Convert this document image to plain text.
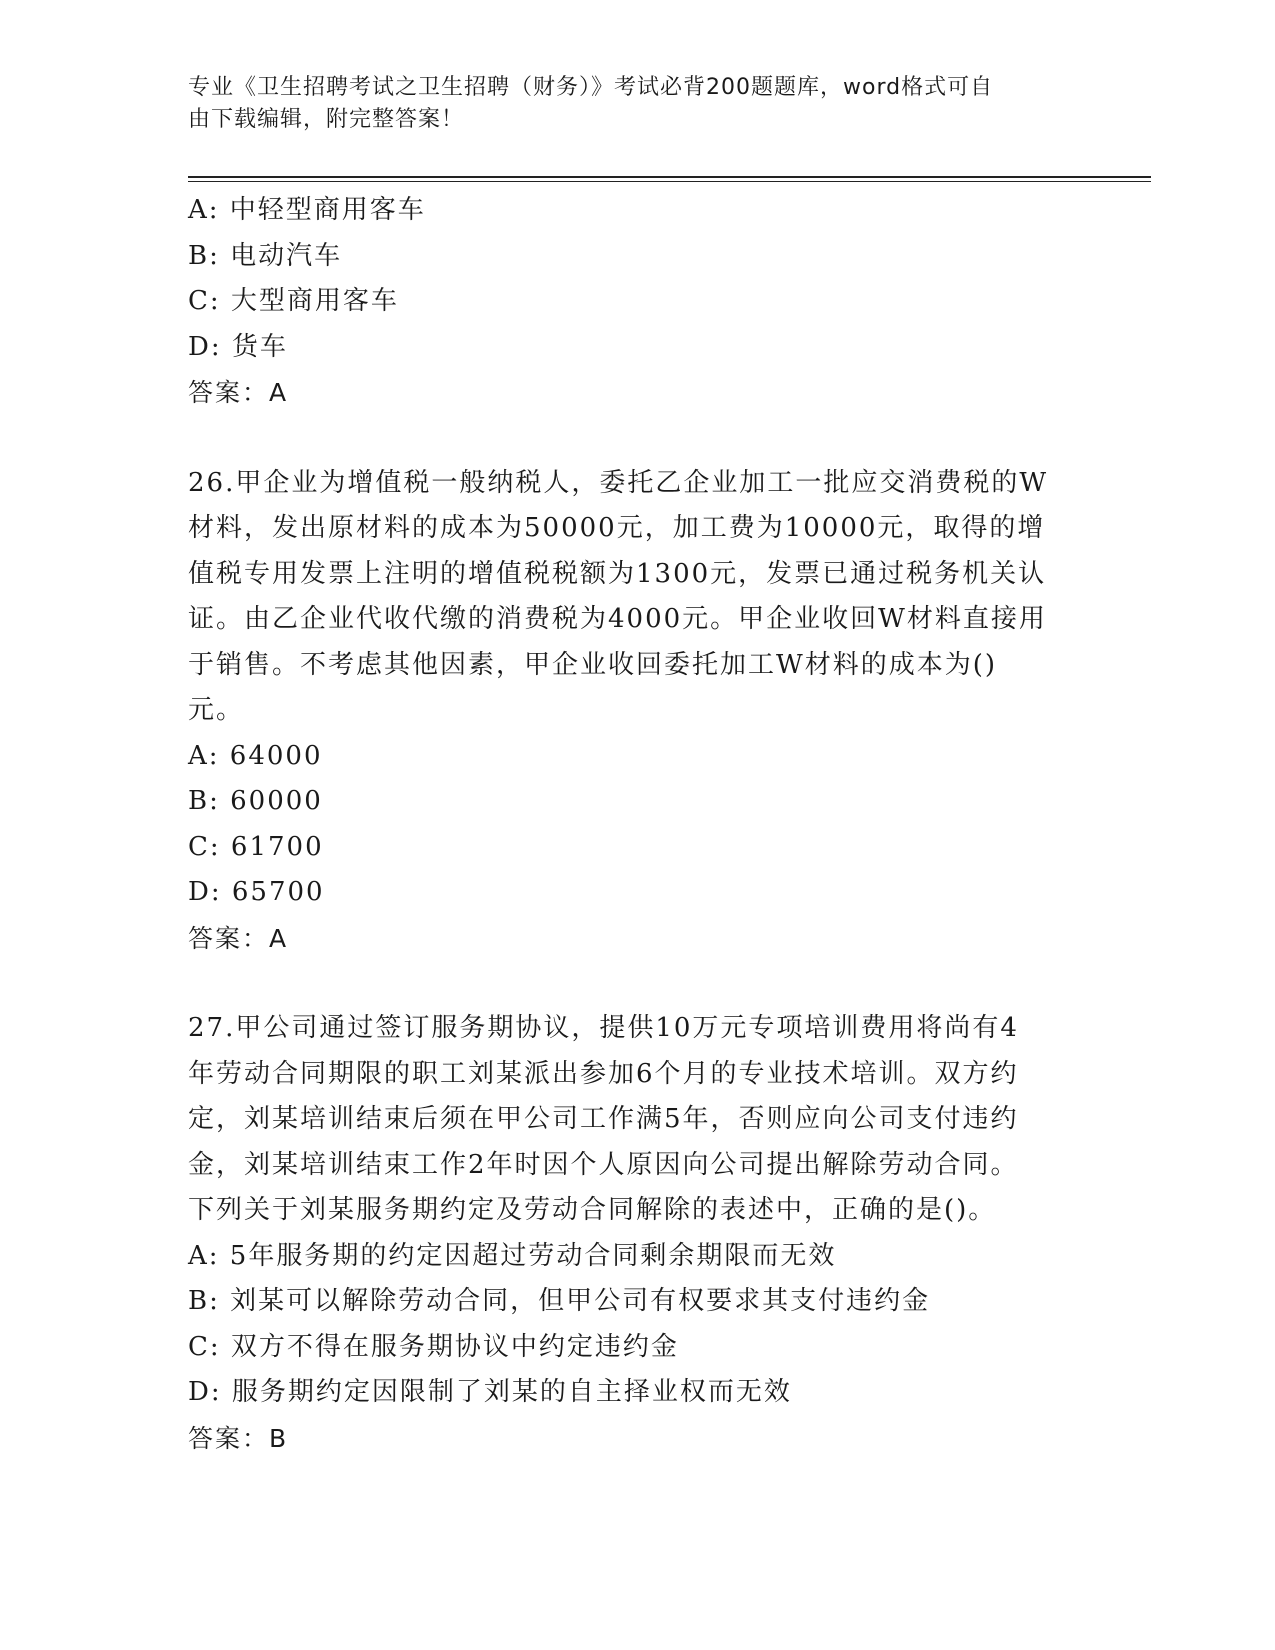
专业《卫生招聘考试之卫生招聘（财务）》考试必背200题题库，word格式可自
由下载编辑，附完整答案！
A: 中轻型商用客车
B: 电动汽车
C: 大型商用客车
D: 货车
答案：A
26.甲企业为增值税一般纳税人，委托乙企业加工一批应交消费税的W
材料，发出原材料的成本为50000元，加工费为10000元，取得的增
值税专用发票上注明的增值税税额为1300元，发票已通过税务机关认
证。由乙企业代收代缴的消费税为4000元。甲企业收回W材料直接用
于销售。不考虑其他因素，甲企业收回委托加工W材料的成本为()
元。
A: 64000
B: 60000
C: 61700
D: 65700
答案：A
27.甲公司通过签订服务期协议，提供10万元专项培训费用将尚有4
年劳动合同期限的职工刘某派出参加6个月的专业技术培训。双方约
定，刘某培训结束后须在甲公司工作满5年，否则应向公司支付违约
金，刘某培训结束工作2年时因个人原因向公司提出解除劳动合同。
下列关于刘某服务期约定及劳动合同解除的表述中，正确的是()。
A: 5年服务期的约定因超过劳动合同剩余期限而无效
B: 刘某可以解除劳动合同，但甲公司有权要求其支付违约金
C: 双方不得在服务期协议中约定违约金
D: 服务期约定因限制了刘某的自主择业权而无效
答案：B
